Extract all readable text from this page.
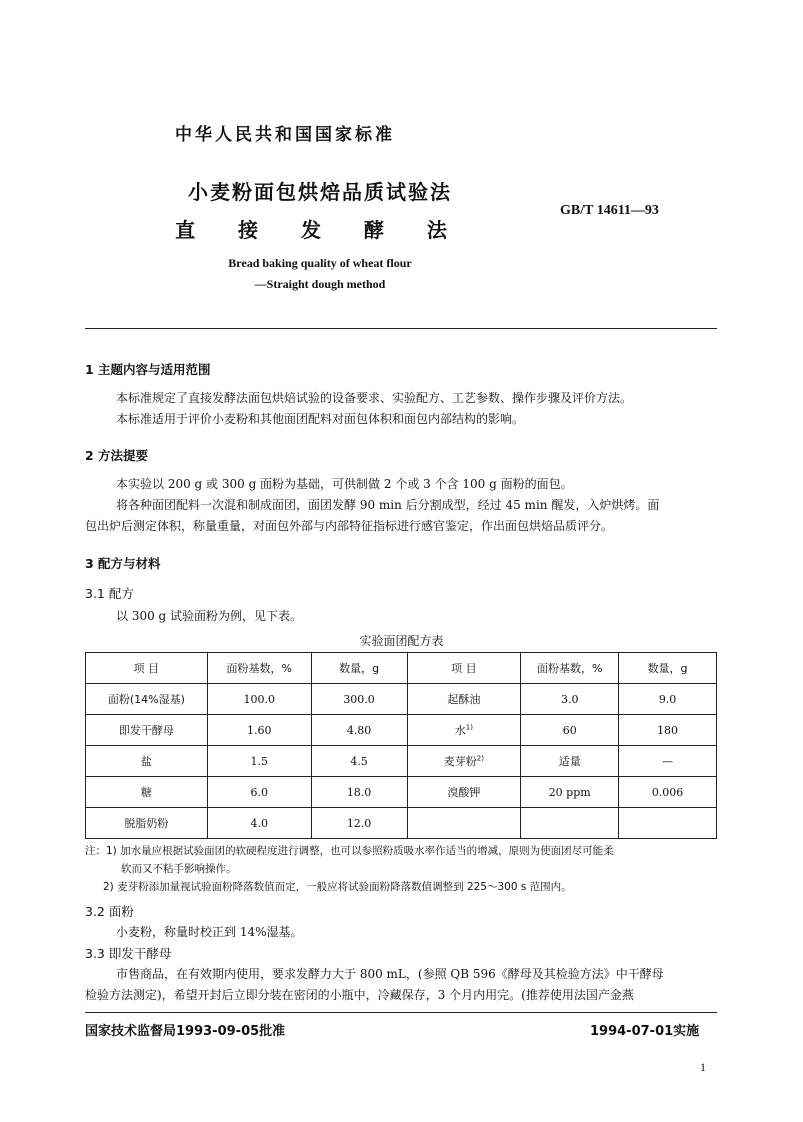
中华人民共和国国家标准
小麦粉面包烘焙品质试验法
直 接 发 酵 法
GB/T 14611—93
Bread baking quality of wheat flour
—Straight dough method
1 主题内容与适用范围

本标准规定了直接发酵法面包烘焙试验的设备要求、实验配方、工艺参数、操作步骤及评价方法。

本标准适用于评价小麦粉和其他面团配料对面包体积和面包内部结构的影响。

2 方法提要

本实验以 200 g 或 300 g 面粉为基础，可供制做 2 个或 3 个含 100 g 面粉的面包。

将各种面团配料一次混和制成面团，面团发酵 90 min 后分割成型，经过 45 min 醒发，入炉烘烤。面

包出炉后测定体积，称量重量，对面包外部与内部特征指标进行感官鉴定，作出面包烘焙品质评分。

3 配方与材料
3.1 配方
以 300 g 试验面粉为例，见下表。
实验面团配方表
项 目	面粉基数，%	数量，g	项 目	面粉基数，%	数量，g
面粉(14%湿基)	100.0	300.0	起酥油	3.0	9.0
即发干酵母	1.60	4.80	水$^{1)}$	60	180
盐	1.5	4.5	麦芽粉$^{2)}$	适量	—
糖	6.0	18.0	溴酸钾	20 ppm	0.006
脱脂奶粉	4.0	12.0			
注：1) 加水量应根据试验面团的软硬程度进行调整，也可以参照粉质吸水率作适当的增减，原则为使面团尽可能柔
软而又不粘手影响操作。
2) 麦芽粉添加量视试验面粉降落数值而定，一般应将试验面粉降落数值调整到 225～300 s 范围内。
3.2 面粉
小麦粉，称量时校正到 14%湿基。
3.3 即发干酵母

市售商品，在有效期内使用，要求发酵力大于 800 mL，(参照 QB 596《酵母及其检验方法》中干酵母

检验方法测定)，希望开封后立即分装在密闭的小瓶中，冷藏保存，3 个月内用完。(推荐使用法国产金燕

国家技术监督局1993-09-05批准	1994-07-01实施
1
